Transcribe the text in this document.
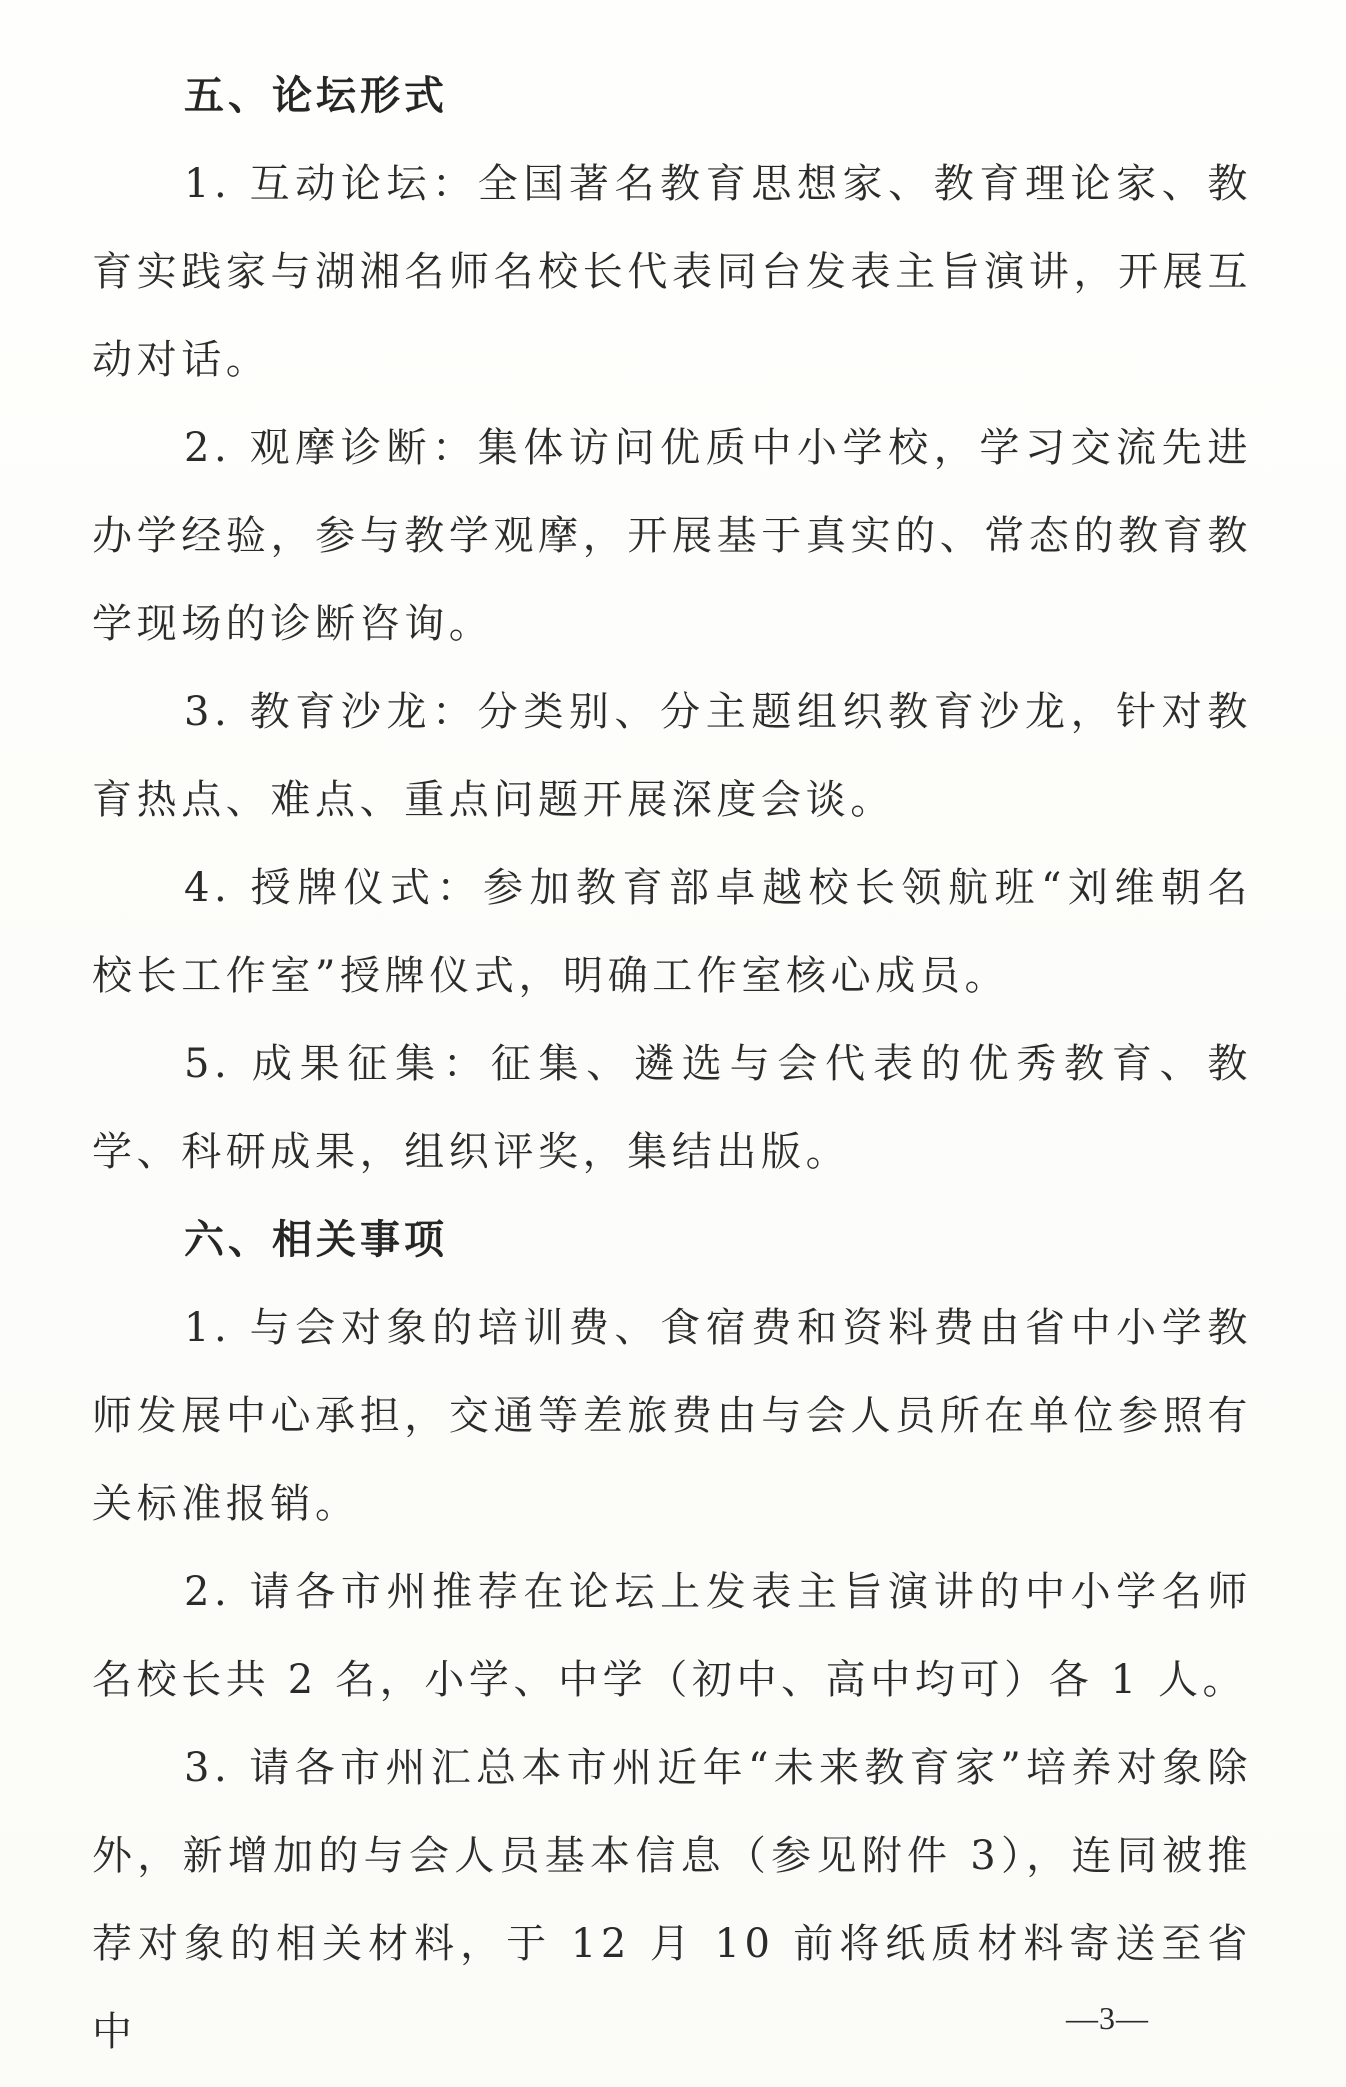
五、论坛形式

1. 互动论坛：全国著名教育思想家、教育理论家、教育实践家与湖湘名师名校长代表同台发表主旨演讲，开展互动对话。

2. 观摩诊断：集体访问优质中小学校，学习交流先进办学经验，参与教学观摩，开展基于真实的、常态的教育教学现场的诊断咨询。

3. 教育沙龙：分类别、分主题组织教育沙龙，针对教育热点、难点、重点问题开展深度会谈。

4. 授牌仪式：参加教育部卓越校长领航班“刘维朝名校长工作室”授牌仪式，明确工作室核心成员。

5. 成果征集：征集、遴选与会代表的优秀教育、教学、科研成果，组织评奖，集结出版。

六、相关事项

1. 与会对象的培训费、食宿费和资料费由省中小学教师发展中心承担，交通等差旅费由与会人员所在单位参照有关标准报销。

2. 请各市州推荐在论坛上发表主旨演讲的中小学名师名校长共 2 名，小学、中学（初中、高中均可）各 1 人。

3. 请各市州汇总本市州近年“未来教育家”培养对象除外，新增加的与会人员基本信息（参见附件 3），连同被推荐对象的相关材料，于 12 月 10 前将纸质材料寄送至省中	—3—
